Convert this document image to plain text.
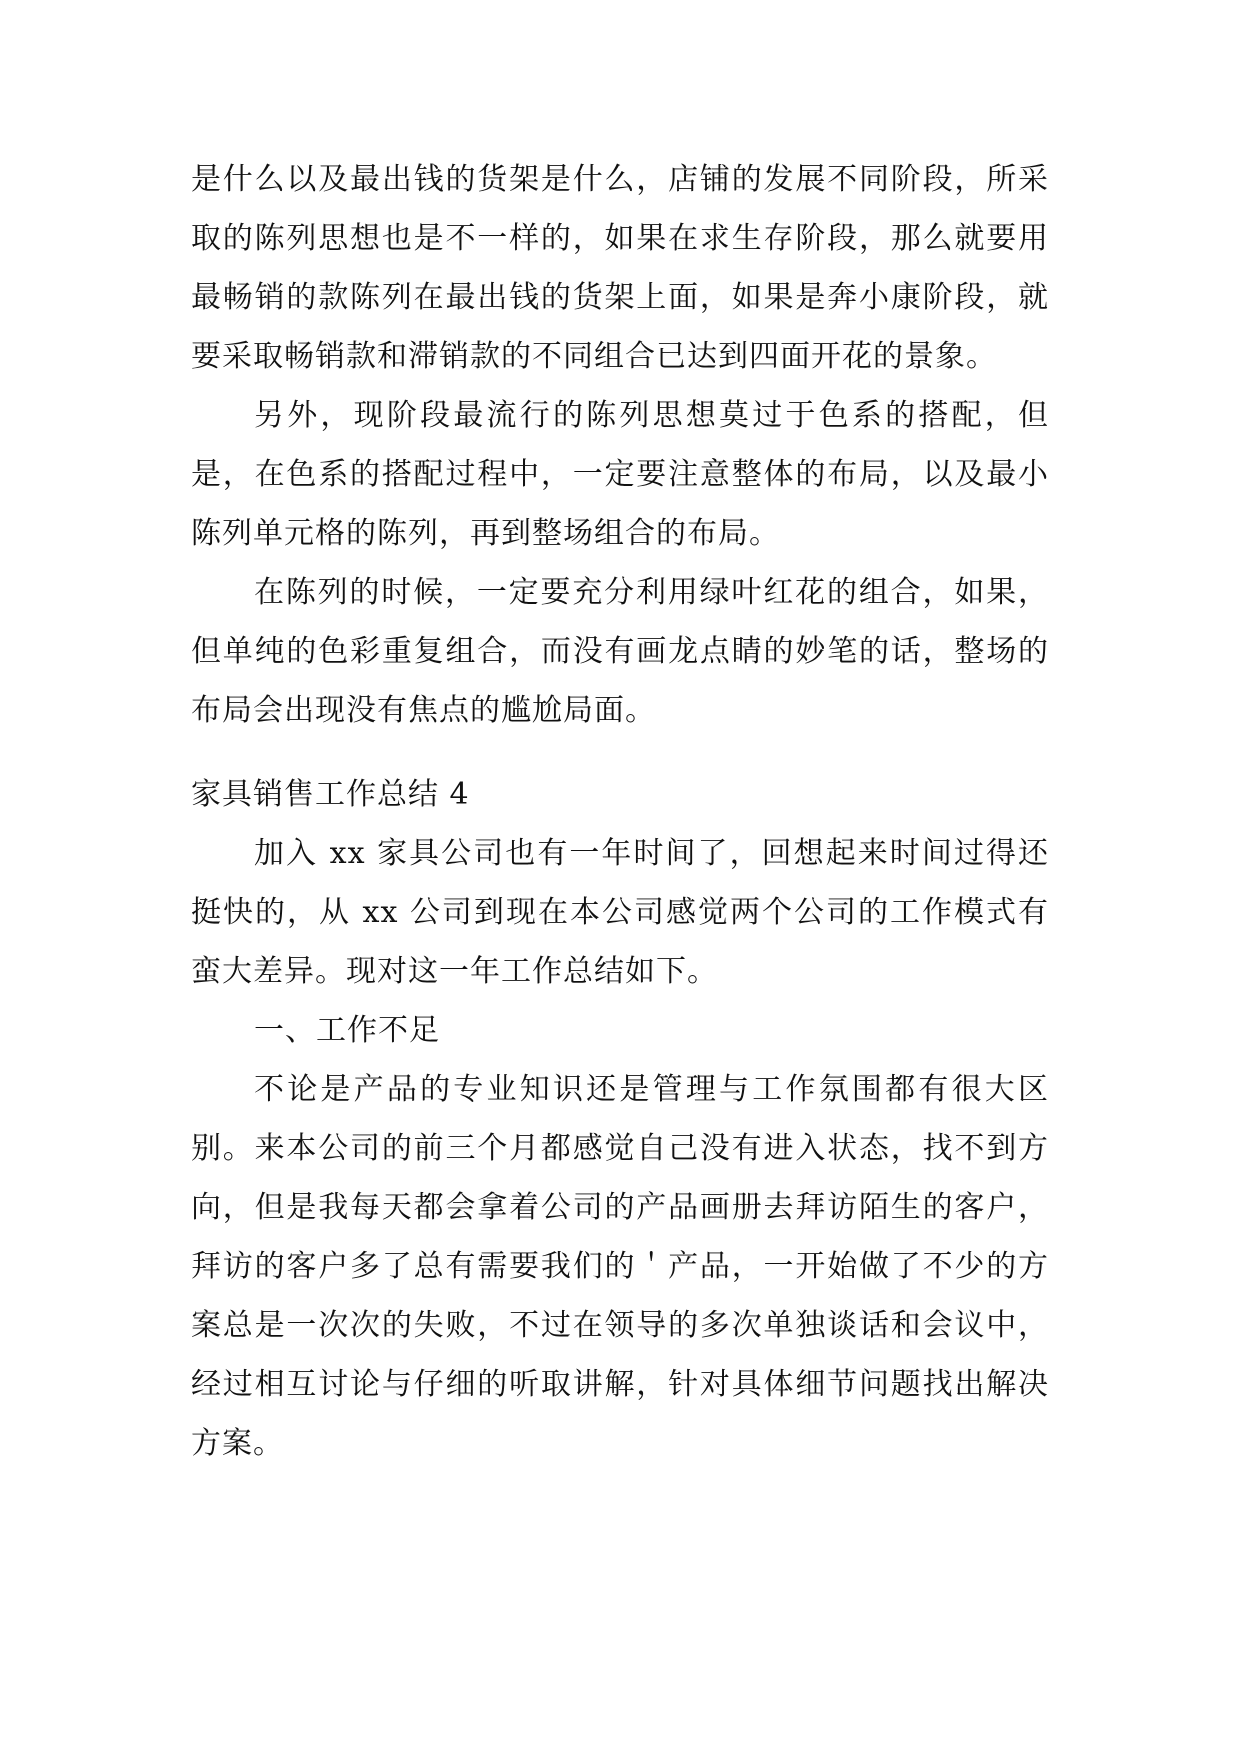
是什么以及最出钱的货架是什么，店铺的发展不同阶段，所采取的陈列思想也是不一样的，如果在求生存阶段，那么就要用最畅销的款陈列在最出钱的货架上面，如果是奔小康阶段，就要采取畅销款和滞销款的不同组合已达到四面开花的景象。

另外，现阶段最流行的陈列思想莫过于色系的搭配，但是，在色系的搭配过程中，一定要注意整体的布局，以及最小陈列单元格的陈列，再到整场组合的布局。

在陈列的时候，一定要充分利用绿叶红花的组合，如果，但单纯的色彩重复组合，而没有画龙点睛的妙笔的话，整场的布局会出现没有焦点的尴尬局面。

家具销售工作总结 4

加入 xx 家具公司也有一年时间了，回想起来时间过得还挺快的，从 xx 公司到现在本公司感觉两个公司的工作模式有蛮大差异。现对这一年工作总结如下。

一、工作不足

不论是产品的专业知识还是管理与工作氛围都有很大区别。来本公司的前三个月都感觉自己没有进入状态，找不到方向，但是我每天都会拿着公司的产品画册去拜访陌生的客户，拜访的客户多了总有需要我们的＇产品，一开始做了不少的方案总是一次次的失败，不过在领导的多次单独谈话和会议中，经过相互讨论与仔细的听取讲解，针对具体细节问题找出解决方案。
